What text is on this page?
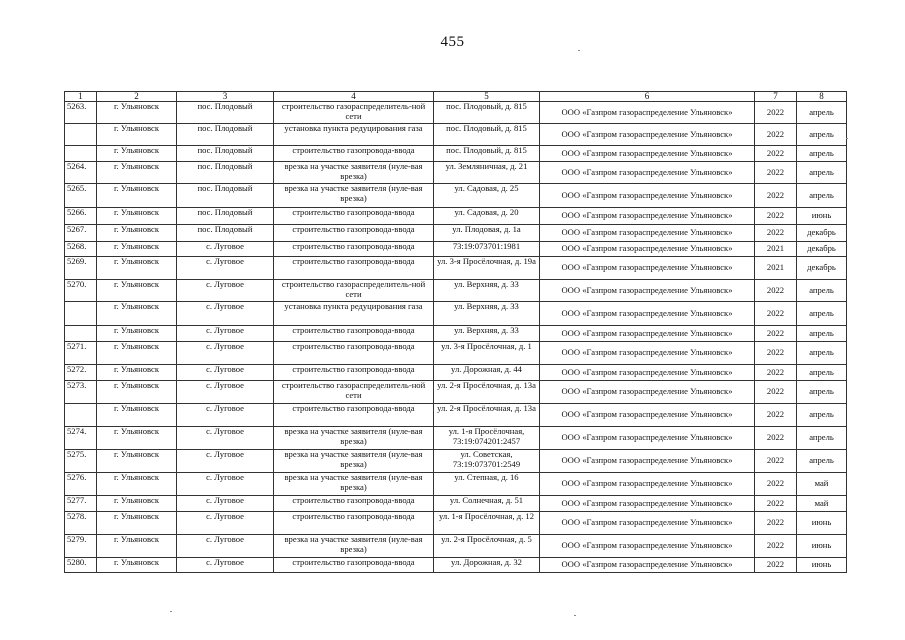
455
1	2	3	4	5	6	7	8
5263.	г. Ульяновск	пос. Плодовый	строительство газораспределитель-ной сети	пос. Плодовый, д. 815	ООО «Газпром газораспределение Ульяновск»	2022	апрель
	г. Ульяновск	пос. Плодовый	установка пункта редуцирования газа	пос. Плодовый, д. 815	ООО «Газпром газораспределение Ульяновск»	2022	апрель
	г. Ульяновск	пос. Плодовый	строительство газопровода-ввода	пос. Плодовый, д. 815	ООО «Газпром газораспределение Ульяновск»	2022	апрель
5264.	г. Ульяновск	пос. Плодовый	врезка на участке заявителя (нуле-вая врезка)	ул. Земляничная, д. 21	ООО «Газпром газораспределение Ульяновск»	2022	апрель
5265.	г. Ульяновск	пос. Плодовый	врезка на участке заявителя (нуле-вая врезка)	ул. Садовая, д. 25	ООО «Газпром газораспределение Ульяновск»	2022	апрель
5266.	г. Ульяновск	пос. Плодовый	строительство газопровода-ввода	ул. Садовая, д. 20	ООО «Газпром газораспределение Ульяновск»	2022	июнь
5267.	г. Ульяновск	пос. Плодовый	строительство газопровода-ввода	ул. Плодовая, д. 1а	ООО «Газпром газораспределение Ульяновск»	2022	декабрь
5268.	г. Ульяновск	с. Луговое	строительство газопровода-ввода	73:19:073701:1981	ООО «Газпром газораспределение Ульяновск»	2021	декабрь
5269.	г. Ульяновск	с. Луговое	строительство газопровода-ввода	ул. 3-я Просёлочная, д. 19а	ООО «Газпром газораспределение Ульяновск»	2021	декабрь
5270.	г. Ульяновск	с. Луговое	строительство газораспределитель-ной сети	ул. Верхняя, д. 33	ООО «Газпром газораспределение Ульяновск»	2022	апрель
	г. Ульяновск	с. Луговое	установка пункта редуцирования газа	ул. Верхняя, д. 33	ООО «Газпром газораспределение Ульяновск»	2022	апрель
	г. Ульяновск	с. Луговое	строительство газопровода-ввода	ул. Верхняя, д. 33	ООО «Газпром газораспределение Ульяновск»	2022	апрель
5271.	г. Ульяновск	с. Луговое	строительство газопровода-ввода	ул. 3-я Просёлочная, д. 1	ООО «Газпром газораспределение Ульяновск»	2022	апрель
5272.	г. Ульяновск	с. Луговое	строительство газопровода-ввода	ул. Дорожная, д. 44	ООО «Газпром газораспределение Ульяновск»	2022	апрель
5273.	г. Ульяновск	с. Луговое	строительство газораспределитель-ной сети	ул. 2-я Просёлочная, д. 13а	ООО «Газпром газораспределение Ульяновск»	2022	апрель
	г. Ульяновск	с. Луговое	строительство газопровода-ввода	ул. 2-я Просёлочная, д. 13а	ООО «Газпром газораспределение Ульяновск»	2022	апрель
5274.	г. Ульяновск	с. Луговое	врезка на участке заявителя (нуле-вая врезка)	ул. 1-я Просёлочная, 73:19:074201:2457	ООО «Газпром газораспределение Ульяновск»	2022	апрель
5275.	г. Ульяновск	с. Луговое	врезка на участке заявителя (нуле-вая врезка)	ул. Советская, 73:19:073701:2549	ООО «Газпром газораспределение Ульяновск»	2022	апрель
5276.	г. Ульяновск	с. Луговое	врезка на участке заявителя (нуле-вая врезка)	ул. Степная, д. 16	ООО «Газпром газораспределение Ульяновск»	2022	май
5277.	г. Ульяновск	с. Луговое	строительство газопровода-ввода	ул. Солнечная, д. 51	ООО «Газпром газораспределение Ульяновск»	2022	май
5278.	г. Ульяновск	с. Луговое	строительство газопровода-ввода	ул. 1-я Просёлочная, д. 12	ООО «Газпром газораспределение Ульяновск»	2022	июнь
5279.	г. Ульяновск	с. Луговое	врезка на участке заявителя (нуле-вая врезка)	ул. 2-я Просёлочная, д. 5	ООО «Газпром газораспределение Ульяновск»	2022	июнь
5280.	г. Ульяновск	с. Луговое	строительство газопровода-ввода	ул. Дорожная, д. 32	ООО «Газпром газораспределение Ульяновск»	2022	июнь
